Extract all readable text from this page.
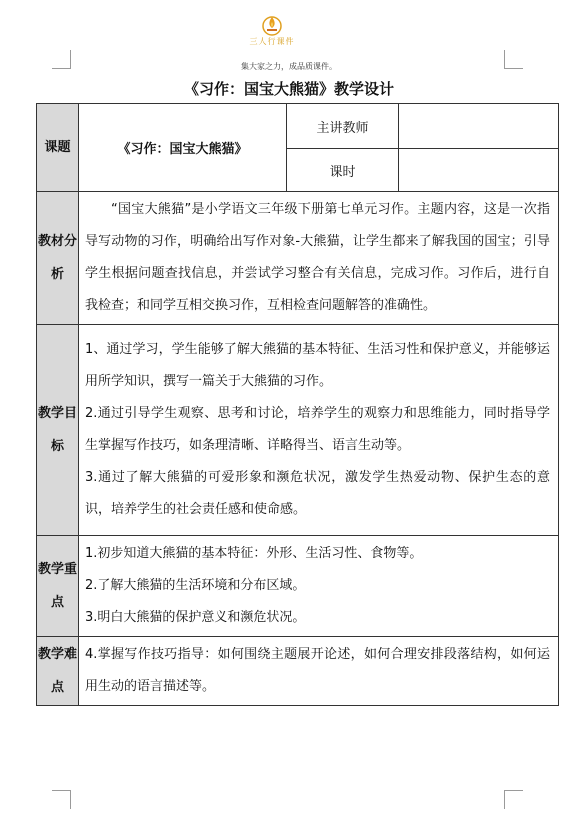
三人行课件
集大家之力，成品质课件。
《习作：国宝大熊猫》教学设计
课题	《习作：国宝大熊猫》	主讲教师	
		课时	
教材分析	“国宝大熊猫”是小学语文三年级下册第七单元习作。主题内容，这是一次指导写动物的习作，明确给出写作对象-大熊猫，让学生都来了解我国的国宝；引导学生根据问题查找信息，并尝试学习整合有关信息，完成习作。习作后，进行自我检查；和同学互相交换习作，互相检查问题解答的准确性。		

教学目标	1、通过学习，学生能够了解大熊猫的基本特征、生活习性和保护意义，并能够运用所学知识，撰写一篇关于大熊猫的习作。

2.通过引导学生观察、思考和讨论，培养学生的观察力和思维能力，同时指导学生掌握写作技巧，如条理清晰、详略得当、语言生动等。

3.通过了解大熊猫的可爱形象和濒危状况，激发学生热爱动物、保护生态的意识，培养学生的社会责任感和使命感。		

教学重点	1.初步知道大熊猫的基本特征：外形、生活习性、食物等。

2.了解大熊猫的生活环境和分布区域。

3.明白大熊猫的保护意义和濒危状况。		

教学难点	4.掌握写作技巧指导：如何围绕主题展开论述，如何合理安排段落结构，如何运用生动的语言描述等。		
